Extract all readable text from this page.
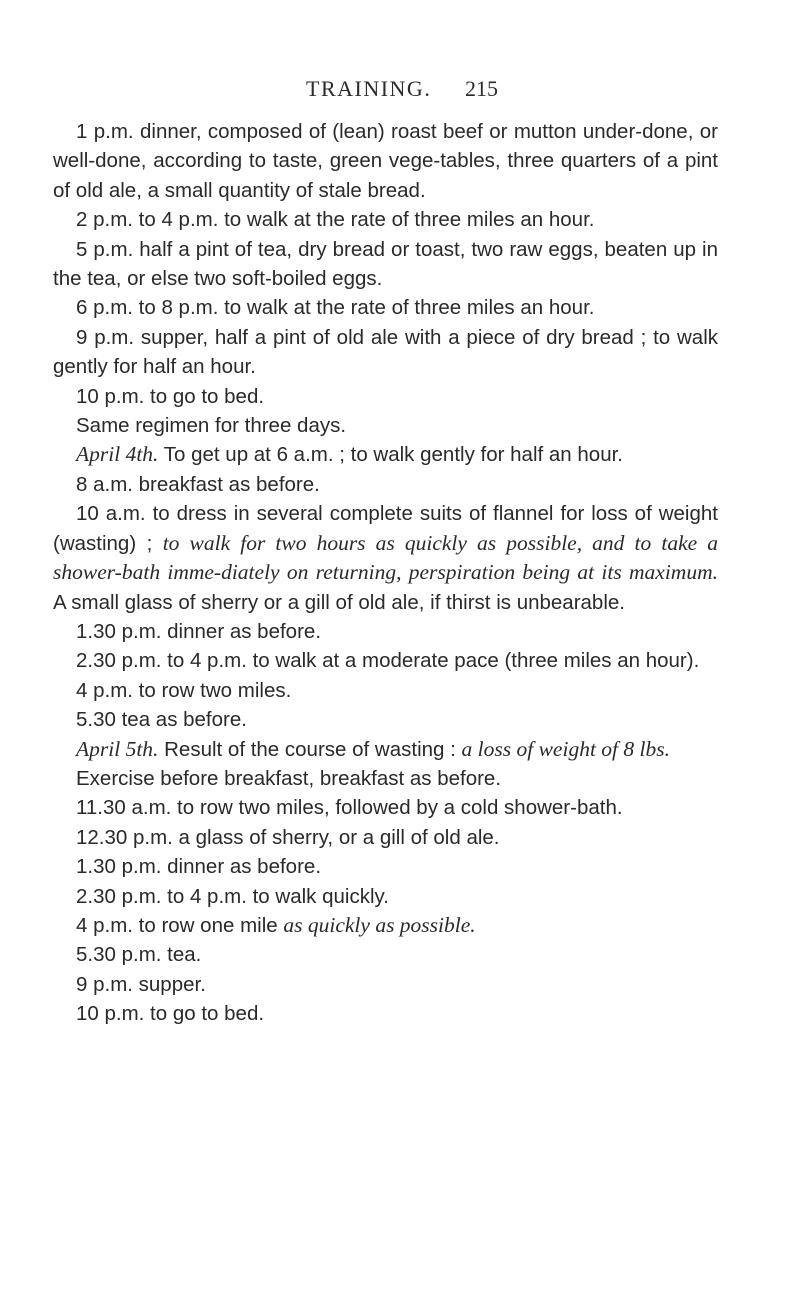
TRAINING. 215

1 p.m. dinner, composed of (lean) roast beef or mutton under-done, or well-done, according to taste, green vege-tables, three quarters of a pint of old ale, a small quantity of stale bread.

2 p.m. to 4 p.m. to walk at the rate of three miles an hour.

5 p.m. half a pint of tea, dry bread or toast, two raw eggs, beaten up in the tea, or else two soft-boiled eggs.

6 p.m. to 8 p.m. to walk at the rate of three miles an hour.

9 p.m. supper, half a pint of old ale with a piece of dry bread ; to walk gently for half an hour.

10 p.m. to go to bed.

Same regimen for three days.

April 4th. To get up at 6 a.m. ; to walk gently for half an hour.

8 a.m. breakfast as before.

10 a.m. to dress in several complete suits of flannel for loss of weight (wasting) ; to walk for two hours as quickly as possible, and to take a shower-bath imme-diately on returning, perspiration being at its maximum. A small glass of sherry or a gill of old ale, if thirst is unbearable.

1.30 p.m. dinner as before.

2.30 p.m. to 4 p.m. to walk at a moderate pace (three miles an hour).

4 p.m. to row two miles.

5.30 tea as before.

April 5th. Result of the course of wasting : a loss of weight of 8 lbs.

Exercise before breakfast, breakfast as before.

11.30 a.m. to row two miles, followed by a cold shower-bath.

12.30 p.m. a glass of sherry, or a gill of old ale.

1.30 p.m. dinner as before.

2.30 p.m. to 4 p.m. to walk quickly.

4 p.m. to row one mile as quickly as possible.

5.30 p.m. tea.

9 p.m. supper.

10 p.m. to go to bed.
